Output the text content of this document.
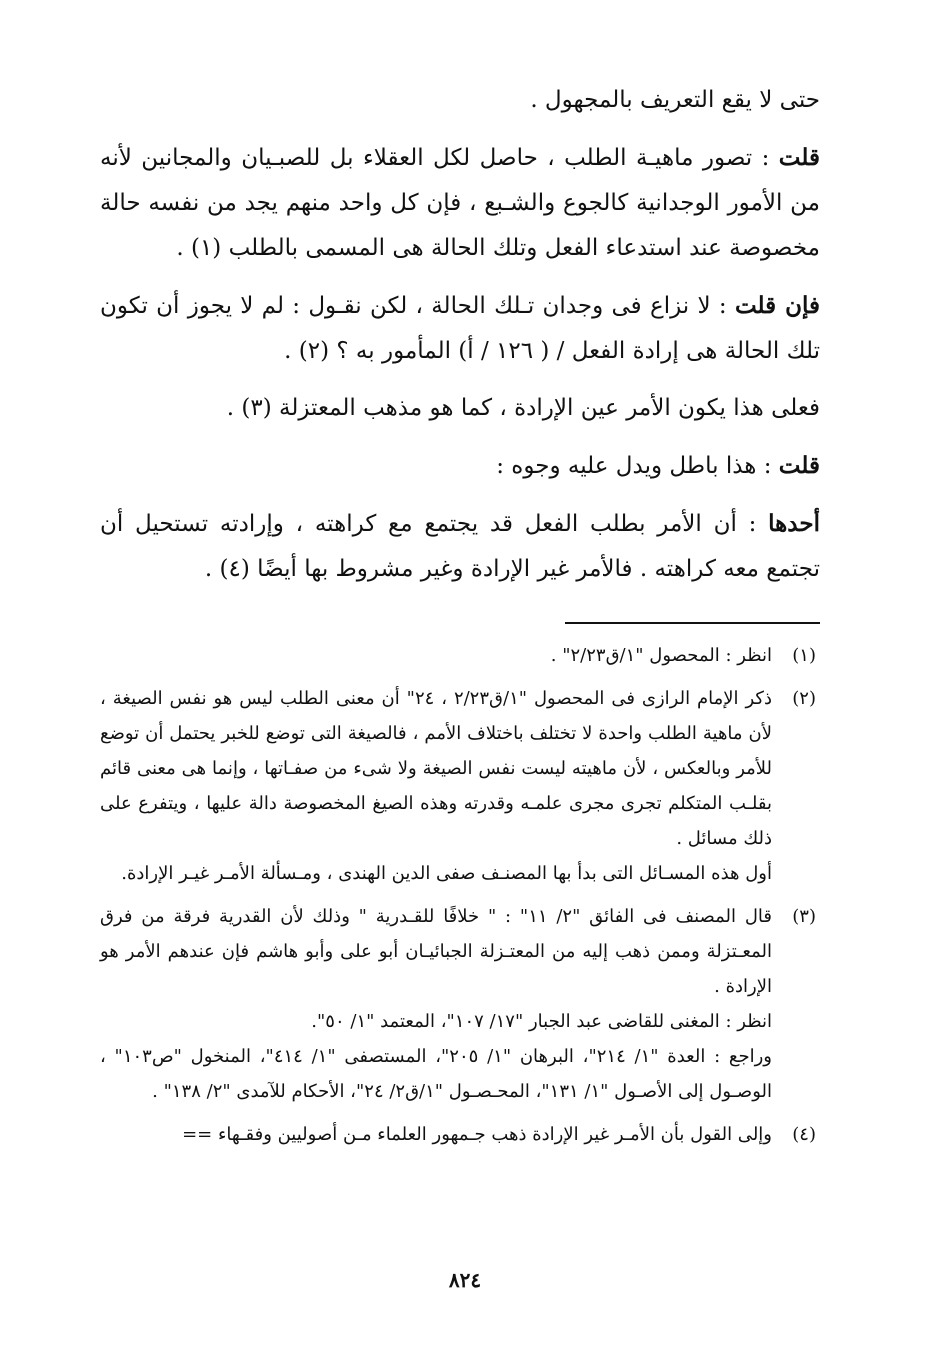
حتى لا يقع التعريف بالمجهول .

قلت : تصور ماهيـة الطلب ، حاصل لكل العقلاء بل للصبـيان والمجانين لأنه من الأمور الوجدانية كالجوع والشـبع ، فإن كل واحد منهم يجد من نفسه حالة مخصوصة عند استدعاء الفعل وتلك الحالة هى المسمى بالطلب (١) .

فإن قلت : لا نزاع فى وجدان تـلك الحالة ، لكن نقـول : لم لا يجوز أن تكون تلك الحالة هى إرادة الفعل / ( ١٢٦ / أ) المأمور به ؟ (٢) .

فعلى هذا يكون الأمر عين الإرادة ، كما هو مذهب المعتزلة (٣) .

قلت : هذا باطل ويدل عليه وجوه :

أحدها : أن الأمر بطلب الفعل قد يجتمع مع كراهته ، وإرادته تستحيل أن تجتمع معه كراهته . فالأمر غير الإرادة وغير مشروط بها أيضًا (٤) .

(١)

انظر : المحصول "١/ق٢/٢٣" .

(٢)

ذكر الإمام الرازى فى المحصول "١/ق٢/٢٣ ، ٢٤" أن معنى الطلب ليس هو نفس الصيغة ، لأن ماهية الطلب واحدة لا تختلف باختلاف الأمم ، فالصيغة التى توضع للخبر يحتمل أن توضع للأمر وبالعكس ، لأن ماهيته ليست نفس الصيغة ولا شىء من صفـاتها ، وإنما هى معنى قائم بقلـب المتكلم تجرى مجرى علمـه وقدرته وهذه الصيغ المخصوصة دالة عليها ، ويتفرع على ذلك مسائل .

أول هذه المسـائل التى بدأ بها المصنـف صفى الدين الهندى ، ومـسألة الأمـر غيـر الإرادة.

(٣)

قال المصنف فى الفائق "٢/ ١١" : " خلافًا للقـدرية " وذلك لأن القدرية فرقة من فرق المعـتزلة وممن ذهب إليه من المعتـزلة الجبائيـان أبو على وأبو هاشم فإن عندهم الأمر هو الإرادة .

انظر : المغنى للقاضى عبد الجبار "١٧/ ١٠٧"، المعتمد "١/ ٥٠".

وراجع : العدة "١/ ٢١٤"، البرهان "١/ ٢٠٥"، المستصفى "١/ ٤١٤"، المنخول "ص١٠٣" ، الوصـول إلى الأصـول "١/ ١٣١"، المحـصـول "١/ق٢/ ٢٤"، الأحكام للآمدى "٢/ ١٣٨" .

(٤)

وإلى القول بأن الأمـر غير الإرادة ذهب جـمهور العلماء مـن أصوليين وفقـهاء ==

٨٢٤
